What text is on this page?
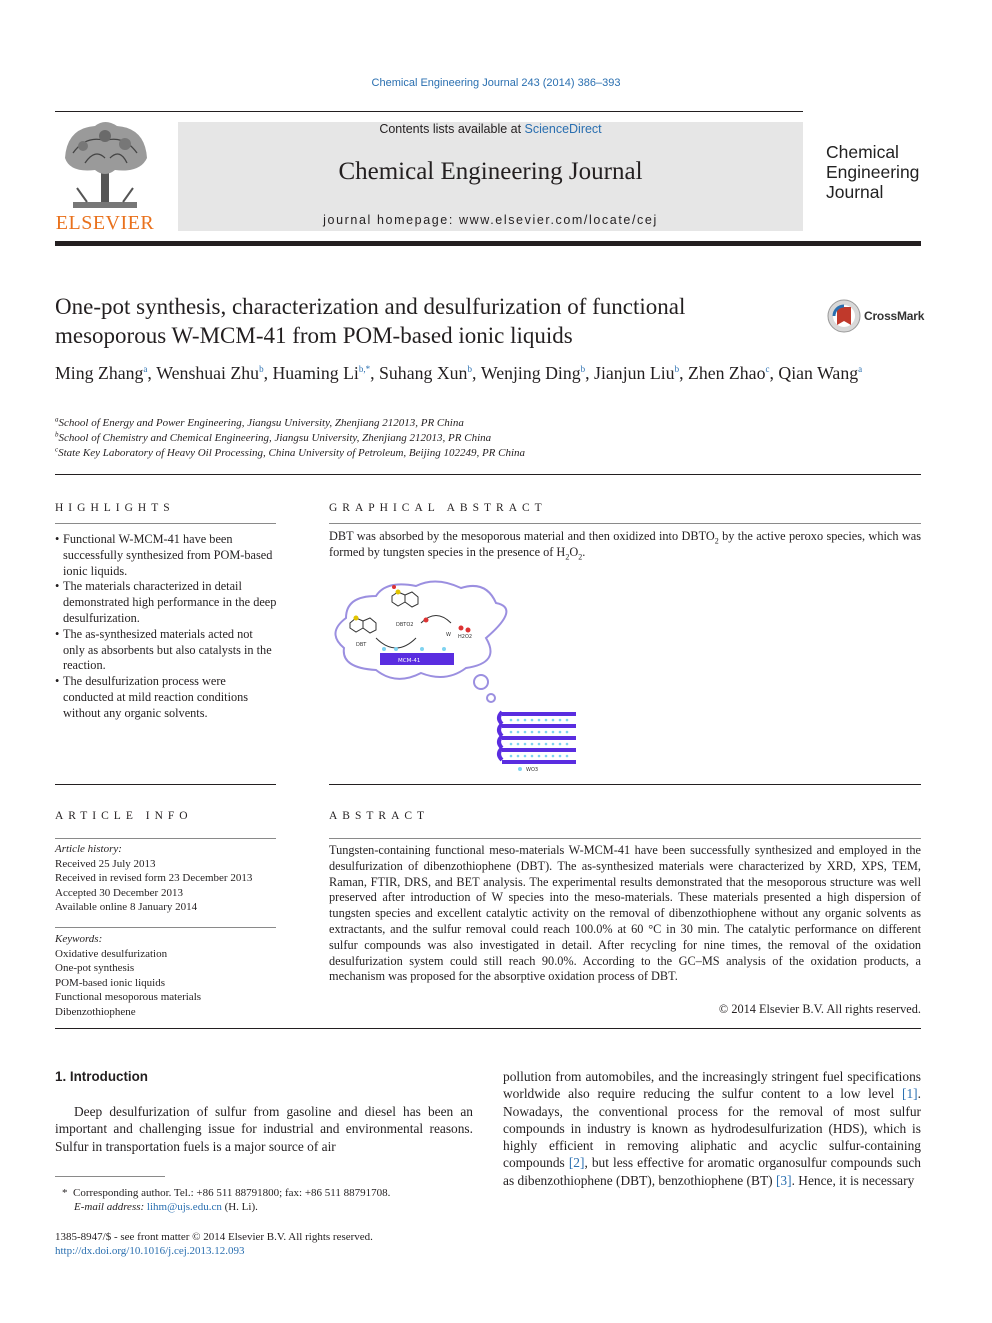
Chemical Engineering Journal 243 (2014) 386–393
ELSEVIER
Contents lists available at ScienceDirect
Chemical Engineering Journal
journal homepage: www.elsevier.com/locate/cej
Chemical
Engineering
Journal
One-pot synthesis, characterization and desulfurization of functional
mesoporous W-MCM-41 from POM-based ionic liquids
CrossMark
Ming Zhang$^a$, Wenshuai Zhu$^b$, Huaming $Li^{b,*}$, Suhang Xun$^b$, Wenjing Ding$^b$, Jianjun Liu$^b$, Zhen Zhao$^c$, Qian Wang$^a$
$^a$School of Energy and Power Engineering, Jiangsu University, Zhenjiang 212013, PR China
$^b$School of Chemistry and Chemical Engineering, Jiangsu University, Zhenjiang 212013, PR China
$^c$State Key Laboratory of Heavy Oil Processing, China University of Petroleum, Beijing 102249, PR China
HIGHLIGHTS
• Functional W-MCM-41 have been successfully synthesized from POM-based ionic liquids.
• The materials characterized in detail demonstrated high performance in the deep desulfurization.
• The as-synthesized materials acted not only as absorbents but also catalysts in the reaction.
• The desulfurization process were conducted at mild reaction conditions without any organic solvents.
GRAPHICAL ABSTRACT
DBT was absorbed by the mesoporous material and then oxidized into $DBTO_2$ by the active peroxo species, which was formed by tungsten species in the presence of $H_2O_2$.
DBT
DBTO2
W H2O2
MCM-41
WO3
ARTICLE INFO
Article history:
Received 25 July 2013
Received in revised form 23 December 2013
Accepted 30 December 2013
Available online 8 January 2014
Keywords:
Oxidative desulfurization
One-pot synthesis
POM-based ionic liquids
Functional mesoporous materials
Dibenzothiophene
ABSTRACT
Tungsten-containing functional meso-materials W-MCM-41 have been successfully synthesized and employed in the desulfurization of dibenzothiophene (DBT). The as-synthesized materials were characterized by XRD, XPS, TEM, Raman, FTIR, DRS, and BET analysis. The experimental results demonstrated that the mesoporous structure was well preserved after introduction of W species into the meso-materials. These materials presented a high dispersion of tungsten species and excellent catalytic activity on the removal of dibenzothiophene without any organic solvents as extractants, and the sulfur removal could reach 100.0% at 60 °C in 30 min. The catalytic performance on different sulfur compounds was also investigated in detail. After recycling for nine times, the removal of the oxidation desulfurization system could still reach 90.0%. According to the GC–MS analysis of the oxidation products, a mechanism was proposed for the absorptive oxidation process of DBT.
© 2014 Elsevier B.V. All rights reserved.
1. Introduction
Deep desulfurization of sulfur from gasoline and diesel has been an important and challenging issue for industrial and environmental reasons. Sulfur in transportation fuels is a major source of air
pollution from automobiles, and the increasingly stringent fuel specifications worldwide also require reducing the sulfur content to a low level [1]. Nowadays, the conventional process for the removal of most sulfur compounds in industry is known as hydrodesulfurization (HDS), which is highly efficient in removing aliphatic and acyclic sulfur-containing compounds [2], but less effective for aromatic organosulfur compounds such as dibenzothiophene (DBT), benzothiophene (BT) [3]. Hence, it is necessary
* Corresponding author. Tel.: +86 511 88791800; fax: +86 511 88791708.
E-mail address: lihm@ujs.edu.cn (H. Li).
1385-8947/$ - see front matter © 2014 Elsevier B.V. All rights reserved.
http://dx.doi.org/10.1016/j.cej.2013.12.093
